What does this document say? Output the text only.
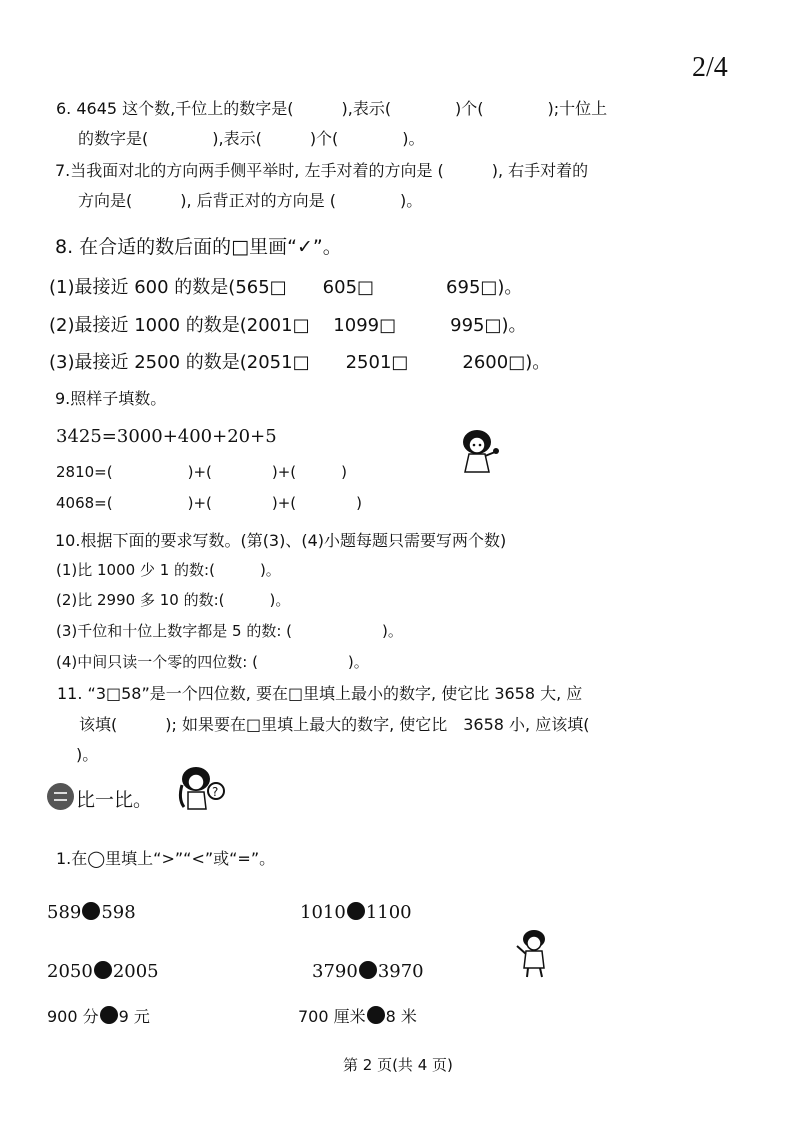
2/4
6. 4645 这个数,千位上的数字是(　　　),表示(　　　　)个(　　　　);十位上
的数字是(　　　　),表示(　　　)个(　　　　)。
7.当我面对北的方向两手侧平举时, 左手对着的方向是 (　　　), 右手对着的
方向是(　　　), 后背正对的方向是 (　　　　)。
8. 在合适的数后面的□里画“✓”。
(1)最接近 600 的数是(565□　　605□　　　　695□)。
(2)最接近 1000 的数是(2001□　 1099□　　　995□)。
(3)最接近 2500 的数是(2051□　　2501□　　　2600□)。
9.照样子填数。
3425=3000+400+20+5
2810=(　　　　　)+(　　　　)+(　　　)
4068=(　　　　　)+(　　　　)+(　　　　)
10.根据下面的要求写数。(第(3)、(4)小题每题只需要写两个数)
(1)比 1000 少 1 的数:(　　　)。
(2)比 2990 多 10 的数:(　　　)。
(3)千位和十位上数字都是 5 的数: (　　　　　　)。
(4)中间只读一个零的四位数: (　　　　　　)。
11. “3□58”是一个四位数, 要在□里填上最小的数字, 使它比 3658 大, 应
该填(　　　); 如果要在□里填上最大的数字, 使它比　3658 小, 应该填(
)。
比一比。	?
1.在◯里填上“>”“<”或“=”。
589 598	1010 1100
2050 2005	3790 3970
900 分 9 元	700 厘米 8 米
第 2 页(共 4 页)
